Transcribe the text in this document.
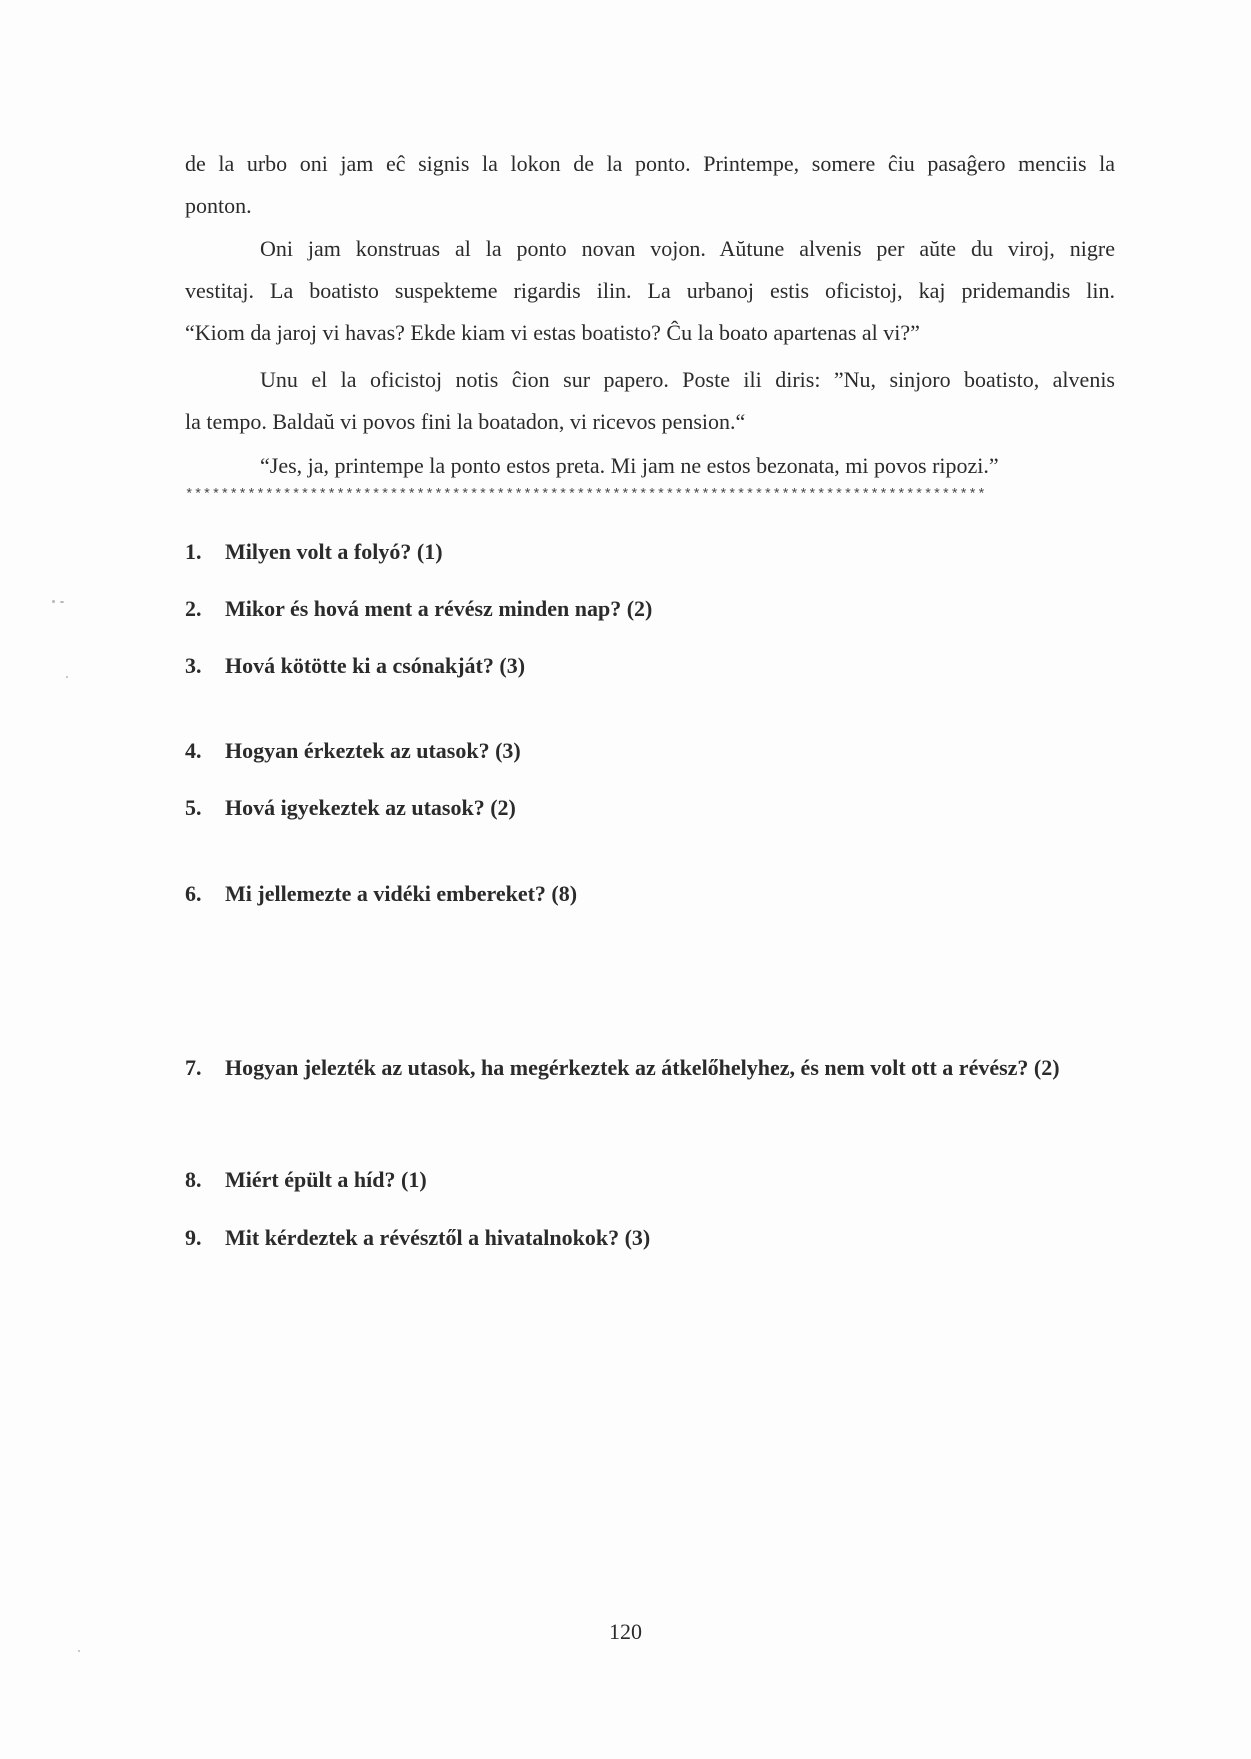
de la urbo oni jam eĉ signis la lokon de la ponto. Printempe, somere ĉiu pasaĝero menciis la
ponton.
Oni jam konstruas al la ponto novan vojon. Aŭtune alvenis per aŭte du viroj, nigre
vestitaj. La boatisto suspekteme rigardis ilin. La urbanoj estis oficistoj, kaj pridemandis lin.
“Kiom da jaroj vi havas? Ekde kiam vi estas boatisto? Ĉu la boato apartenas al vi?”
Unu el la oficistoj notis ĉion sur papero. Poste ili diris: ”Nu, sinjoro boatisto, alvenis
la tempo. Baldaŭ vi povos fini la boatadon, vi ricevos pension.“
“Jes, ja, printempe la ponto estos preta. Mi jam ne estos bezonata, mi povos ripozi.”
******************************************************************************************
1.	Milyen volt a folyó? (1)
2.	Mikor és hová ment a révész minden nap? (2)
3.	Hová kötötte ki a csónakját? (3)
4.	Hogyan érkeztek az utasok? (3)
5.	Hová igyekeztek az utasok? (2)
6.	Mi jellemezte a vidéki embereket? (8)
7.	Hogyan jelezték az utasok, ha megérkeztek az átkelőhelyhez, és nem volt ott a révész? (2)
8.	Miért épült a híd? (1)
9.	Mit kérdeztek a révésztől a hivatalnokok? (3)
120
